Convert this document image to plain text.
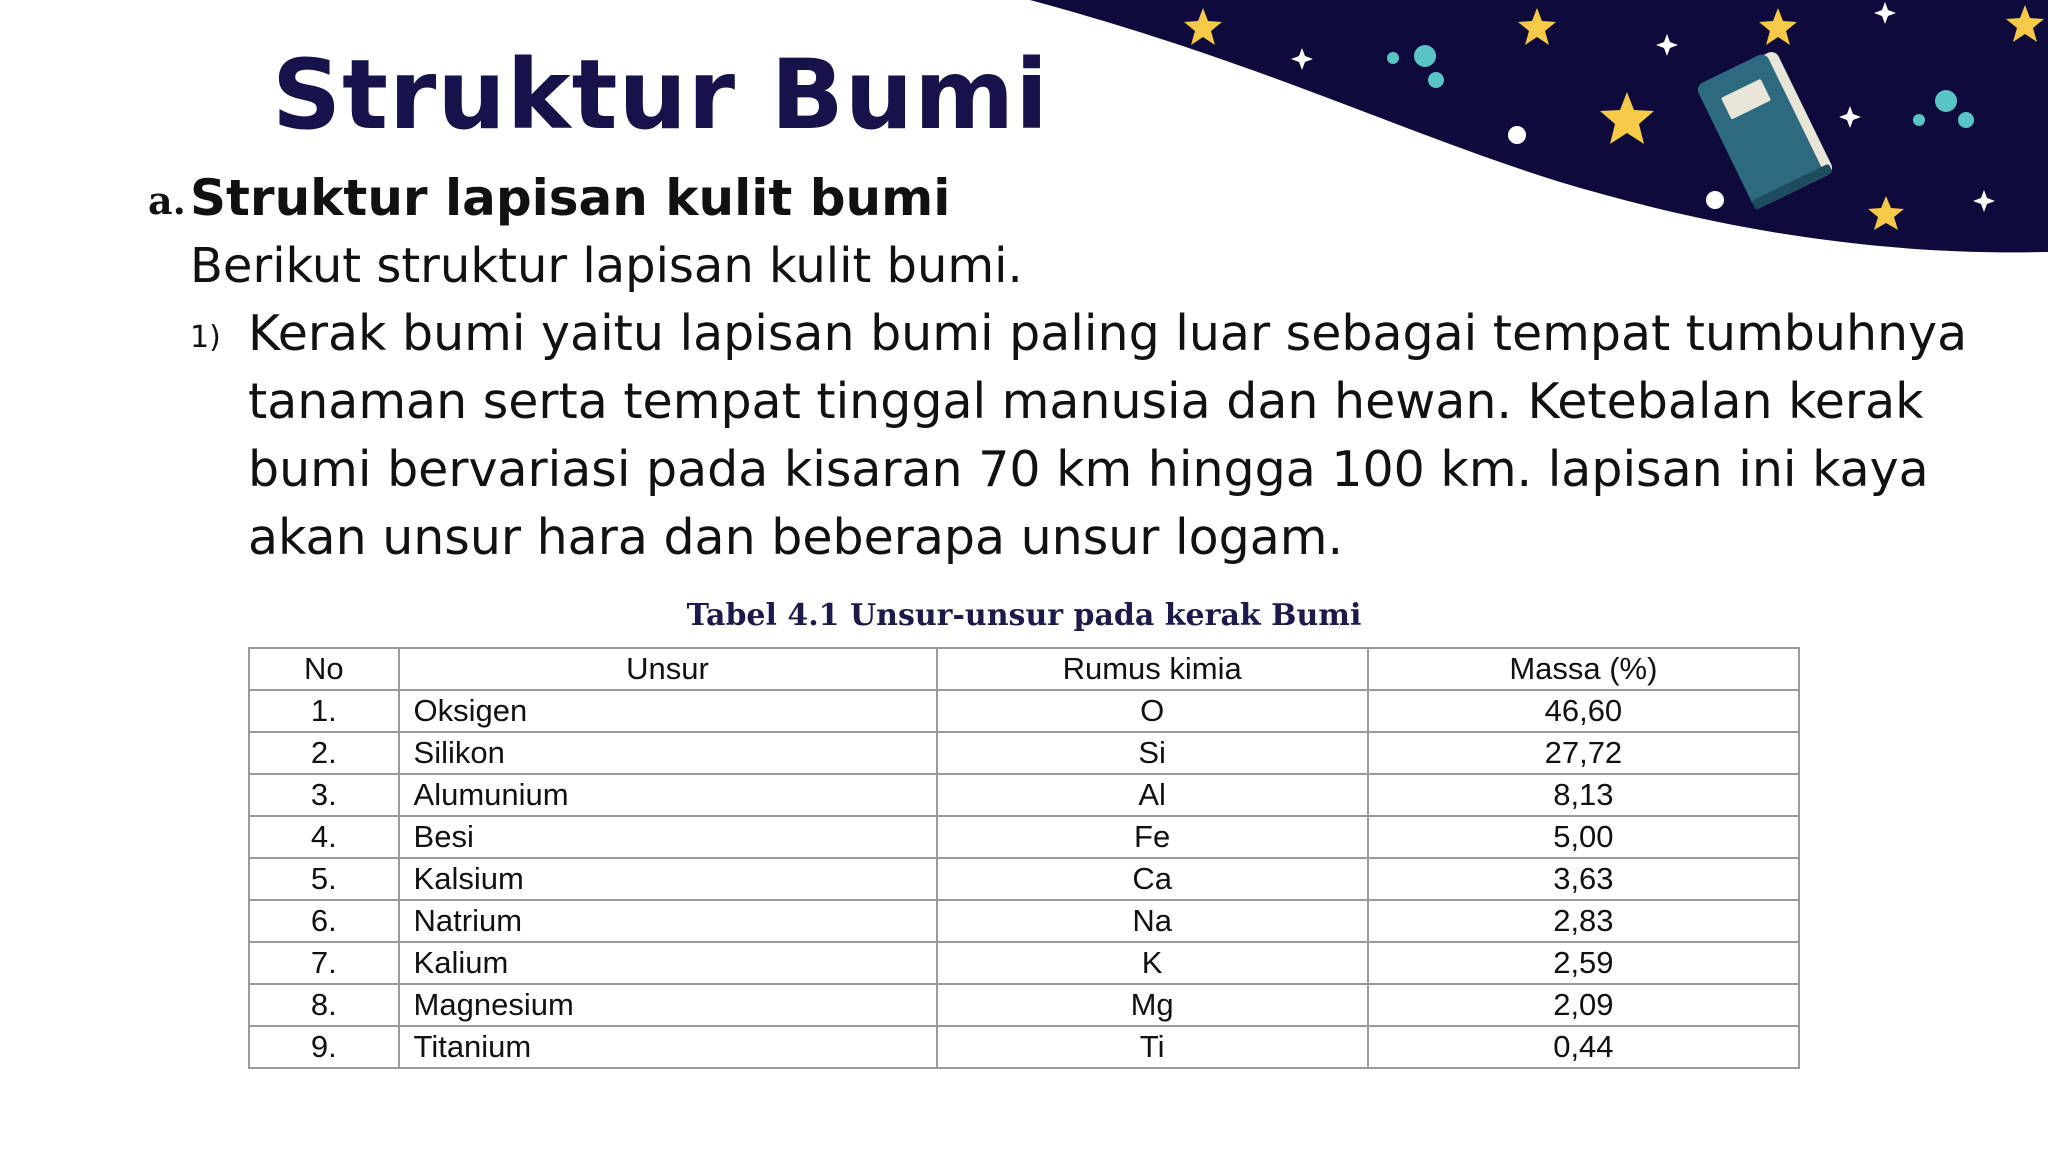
Struktur Bumi
a. Struktur lapisan kulit bumi

Berikut struktur lapisan kulit bumi.

1) Kerak bumi yaitu lapisan bumi paling luar sebagai tempat tumbuhnya tanaman serta tempat tinggal manusia dan hewan. Ketebalan kerak bumi bervariasi pada kisaran 70 km hingga 100 km. lapisan ini kaya akan unsur hara dan beberapa unsur logam.

Tabel 4.1 Unsur-unsur pada kerak Bumi

No	Unsur	Rumus kimia	Massa (%)
1.	Oksigen	O	46,60
2.	Silikon	Si	27,72
3.	Alumunium	Al	8,13
4.	Besi	Fe	5,00
5.	Kalsium	Ca	3,63
6.	Natrium	Na	2,83
7.	Kalium	K	2,59
8.	Magnesium	Mg	2,09
9.	Titanium	Ti	0,44
